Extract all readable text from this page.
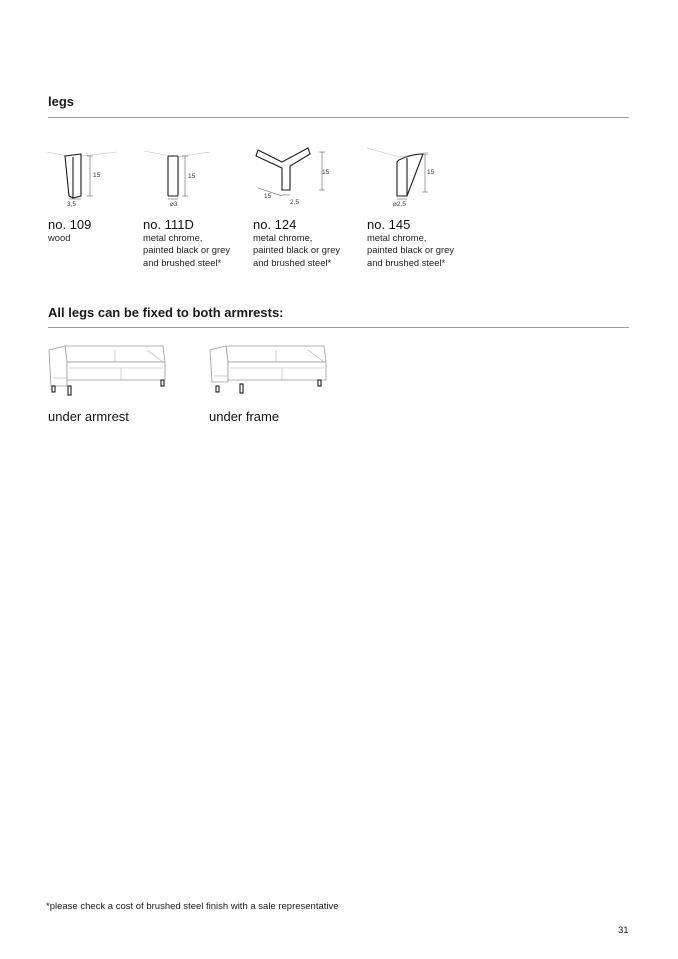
legs
15
3,5
15
⌀3
15
15
2,5
15
⌀2,5
no. 109
wood
no. 111D
metal chrome,
painted black or grey
and brushed steel*
no. 124
metal chrome,
painted black or grey
and brushed steel*
no. 145
metal chrome,
painted black or grey
and brushed steel*
All legs can be fixed to both armrests:
under armrest	under frame
*please check a cost of brushed steel finish with a sale representative
31
